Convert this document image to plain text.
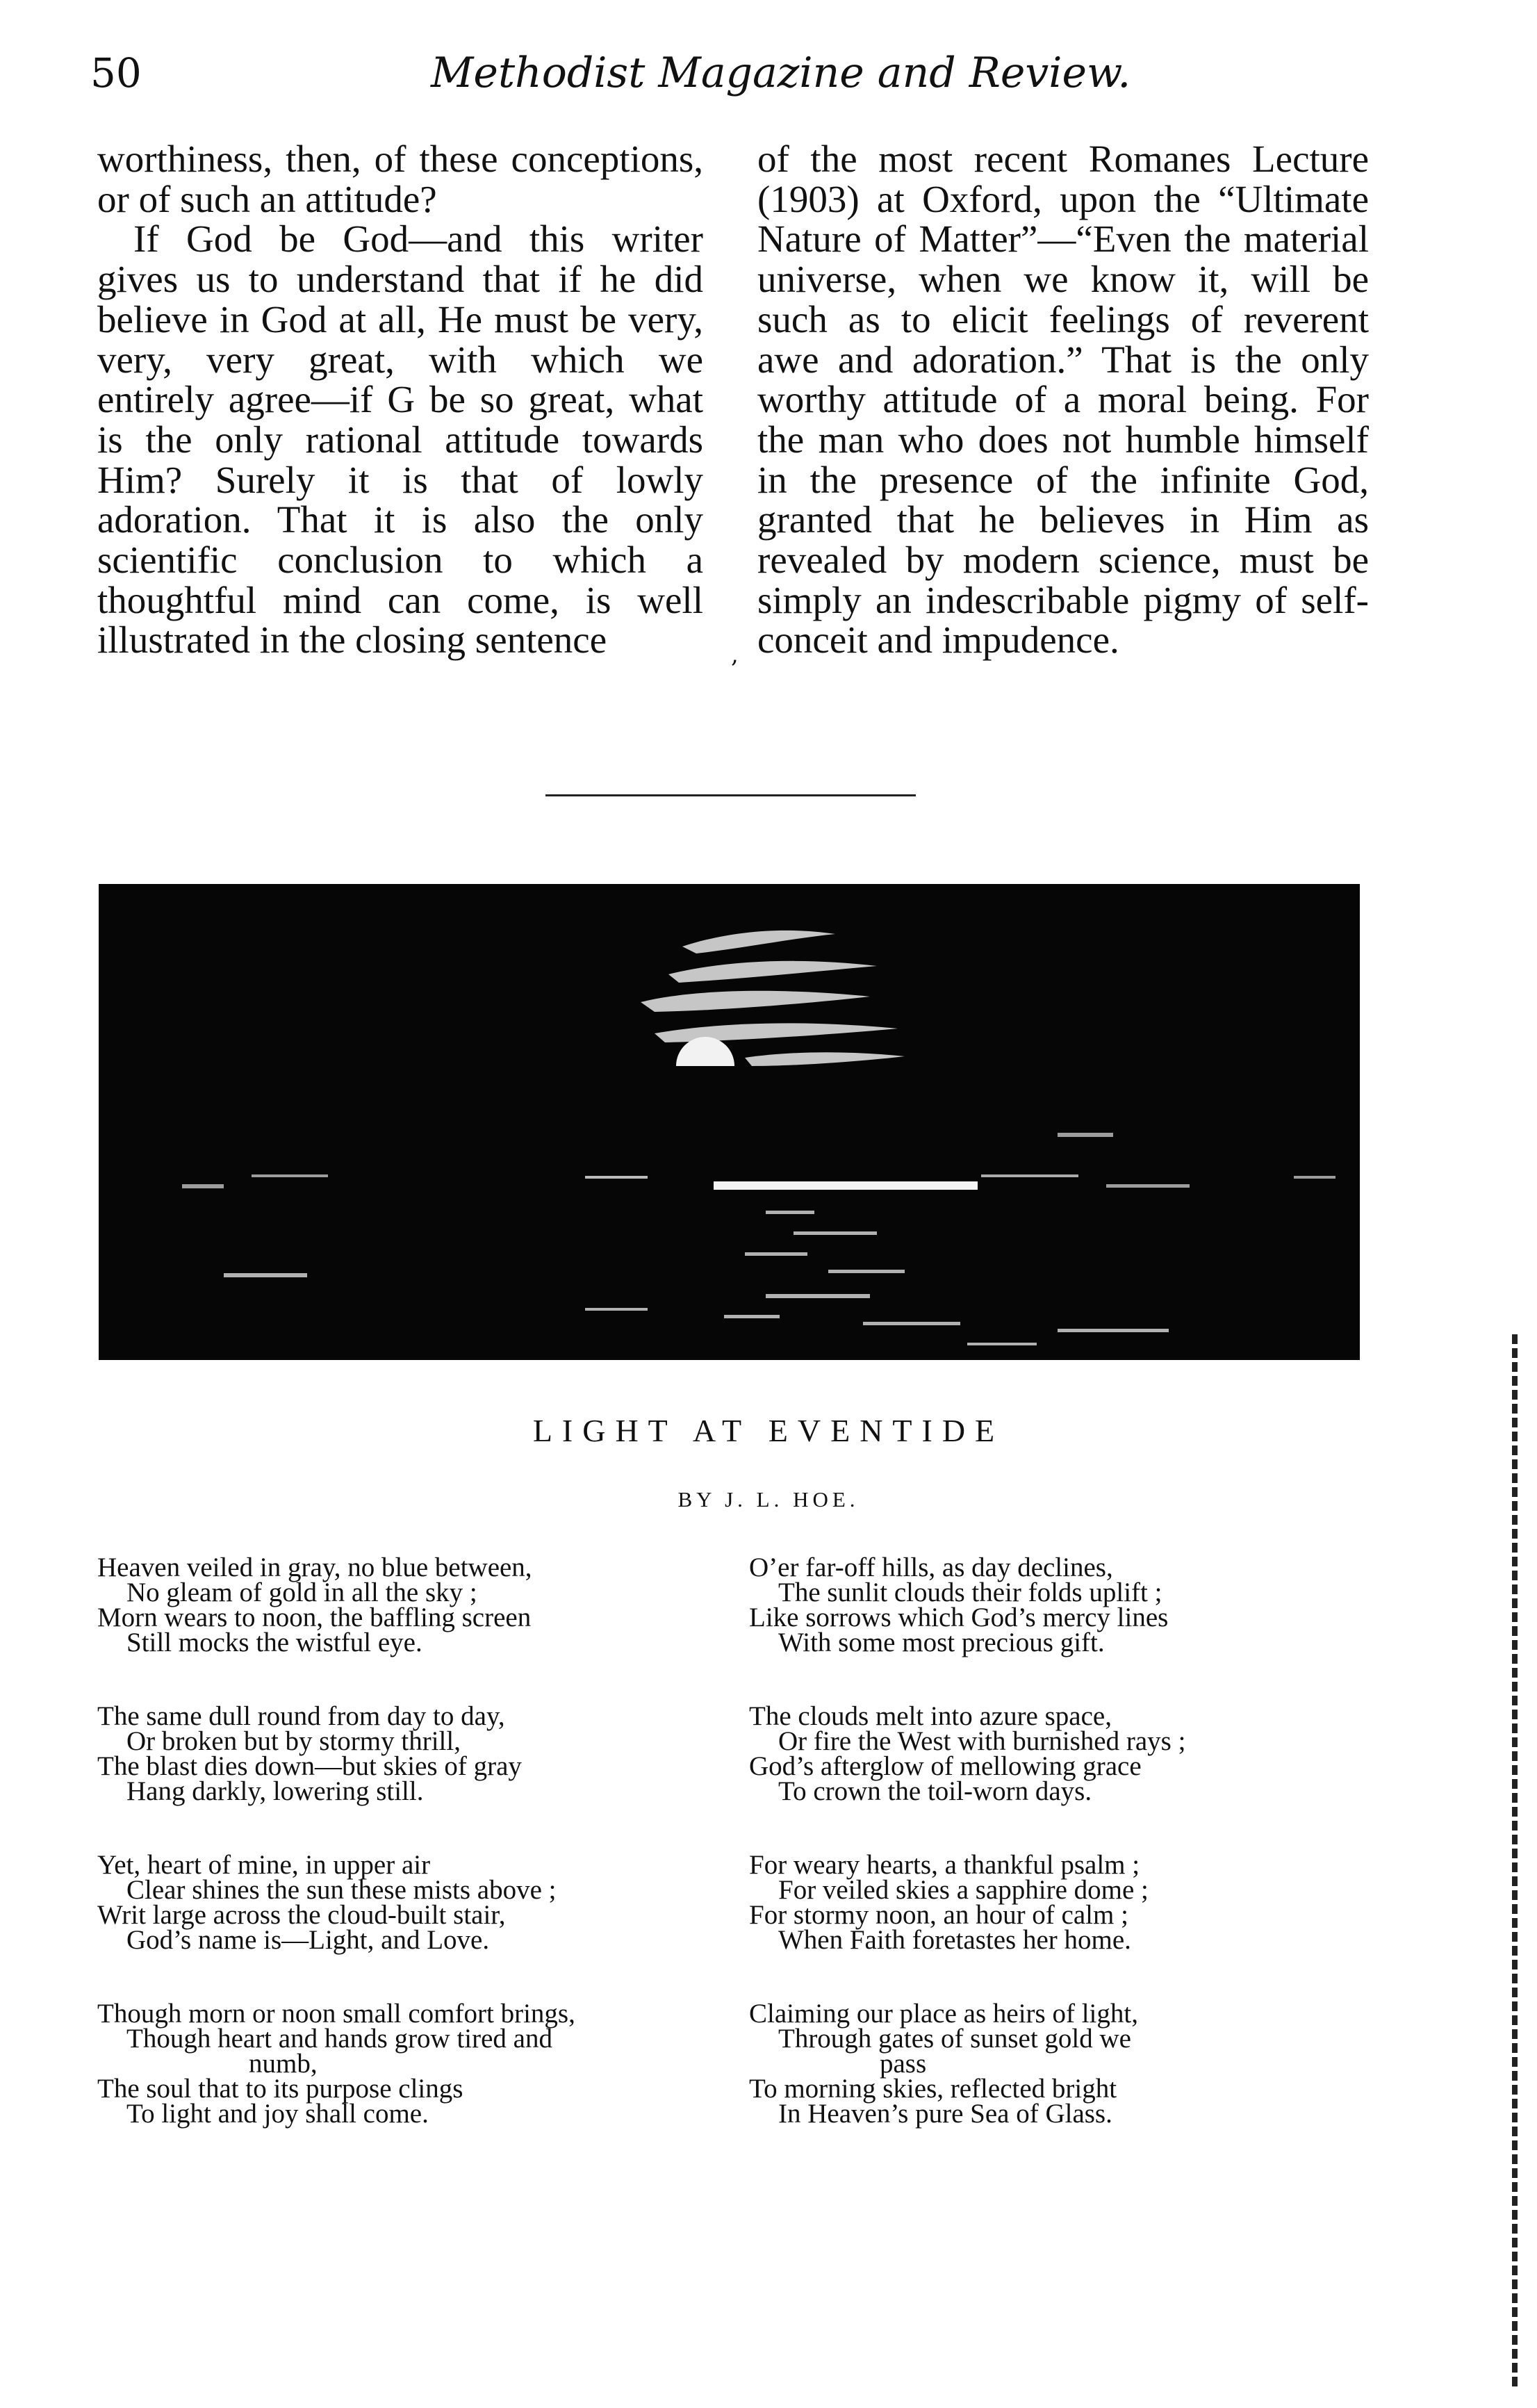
50	Methodist Magazine and Review.

worthiness, then, of these conceptions, or of such an attitude?

If God be God—and this writer gives us to understand that if he did believe in God at all, He must be very, very, very great, with which we entirely agree—if G be so great, what is the only rational attitude towards Him? Surely it is that of lowly adoration. That it is also the only scientific conclusion to which a thoughtful mind can come, is well illustrated in the closing sentence	,

of the most recent Romanes Lecture (1903) at Oxford, upon the “Ultimate Nature of Matter”—“Even the material universe, when we know it, will be such as to elicit feelings of reverent awe and adoration.” That is the only worthy attitude of a moral being. For the man who does not humble himself in the presence of the infinite God, granted that he believes in Him as revealed by modern science, must be simply an indescribable pigmy of self-conceit and impudence.

LIGHT AT EVENTIDE
BY J. L. HOE.
Heaven veiled in gray, no blue between,
No gleam of gold in all the sky ;
Morn wears to noon, the baffling screen
Still mocks the wistful eye.
The same dull round from day to day,
Or broken but by stormy thrill,
The blast dies down—but skies of gray
Hang darkly, lowering still.
Yet, heart of mine, in upper air
Clear shines the sun these mists above ;
Writ large across the cloud-built stair,
God’s name is—Light, and Love.
Though morn or noon small comfort brings,
Though heart and hands grow tired and
numb,
The soul that to its purpose clings
To light and joy shall come.
O’er far-off hills, as day declines,
The sunlit clouds their folds uplift ;
Like sorrows which God’s mercy lines
With some most precious gift.
The clouds melt into azure space,
Or fire the West with burnished rays ;
God’s afterglow of mellowing grace
To crown the toil-worn days.
For weary hearts, a thankful psalm ;
For veiled skies a sapphire dome ;
For stormy noon, an hour of calm ;
When Faith foretastes her home.
Claiming our place as heirs of light,
Through gates of sunset gold we
pass
To morning skies, reflected bright
In Heaven’s pure Sea of Glass.
